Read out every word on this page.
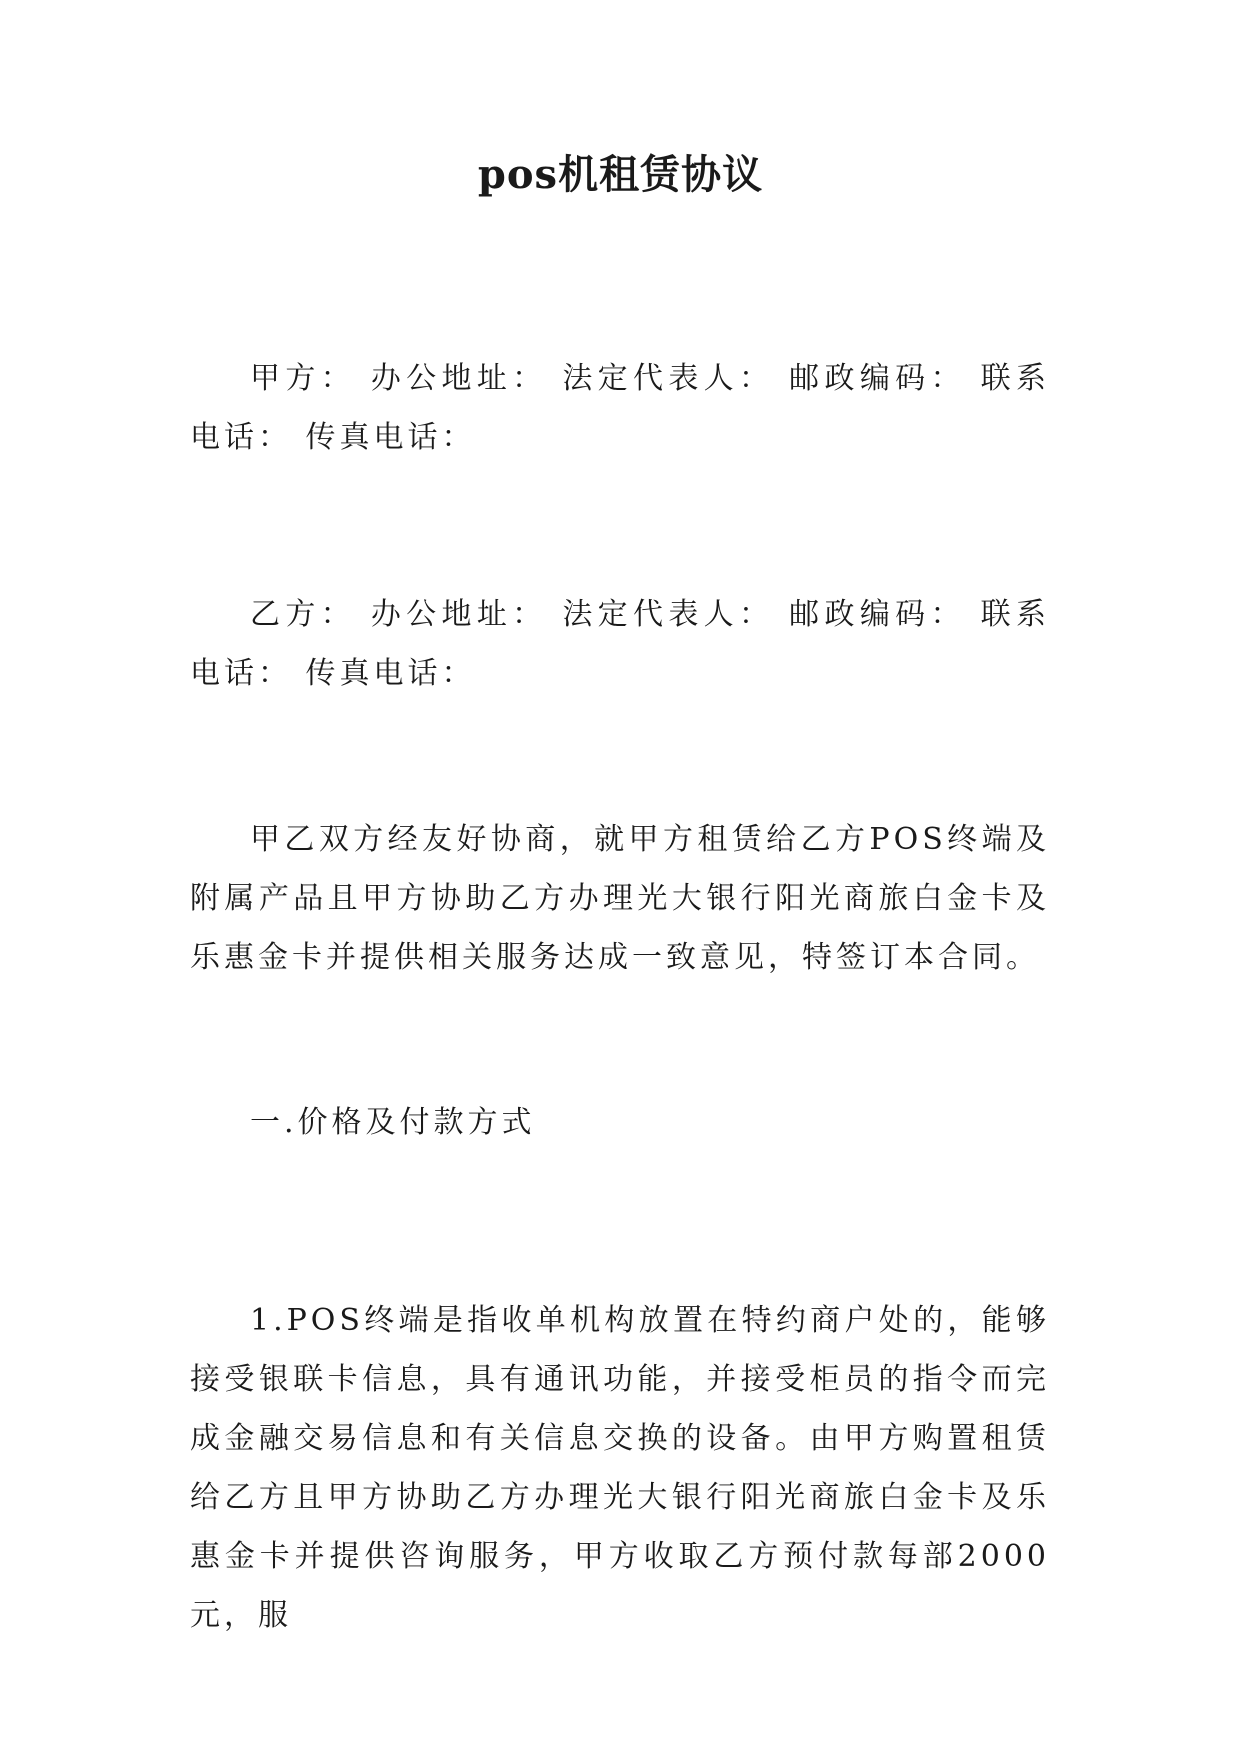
pos机租赁协议

甲方： 办公地址： 法定代表人： 邮政编码： 联系电话： 传真电话：

乙方： 办公地址： 法定代表人： 邮政编码： 联系电话： 传真电话：

甲乙双方经友好协商，就甲方租赁给乙方POS终端及附属产品且甲方协助乙方办理光大银行阳光商旅白金卡及乐惠金卡并提供相关服务达成一致意见，特签订本合同。

一.价格及付款方式

1.POS终端是指收单机构放置在特约商户处的，能够接受银联卡信息，具有通讯功能，并接受柜员的指令而完成金融交易信息和有关信息交换的设备。由甲方购置租赁给乙方且甲方协助乙方办理光大银行阳光商旅白金卡及乐惠金卡并提供咨询服务，甲方收取乙方预付款每部2000元，服
